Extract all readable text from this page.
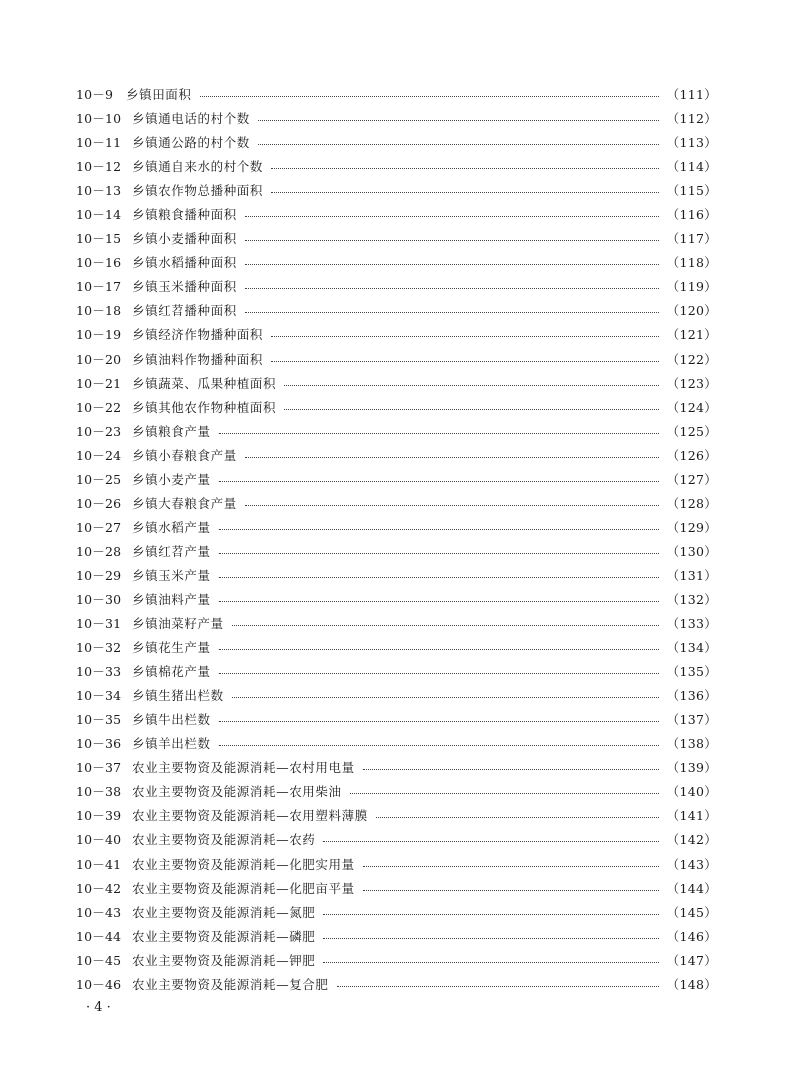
10－9	乡镇田面积	（111）
10－10 乡镇通电话的村个数	（112）
10－11 乡镇通公路的村个数	（113）
10－12 乡镇通自来水的村个数	（114）
10－13 乡镇农作物总播种面积	（115）
10－14 乡镇粮食播种面积	（116）
10－15 乡镇小麦播种面积	（117）
10－16 乡镇水稻播种面积	（118）
10－17 乡镇玉米播种面积	（119）
10－18 乡镇红苕播种面积	（120）
10－19 乡镇经济作物播种面积	（121）
10－20 乡镇油料作物播种面积	（122）
10－21 乡镇蔬菜、瓜果种植面积	（123）
10－22 乡镇其他农作物种植面积	（124）
10－23 乡镇粮食产量	（125）
10－24 乡镇小春粮食产量	（126）
10－25 乡镇小麦产量	（127）
10－26 乡镇大春粮食产量	（128）
10－27 乡镇水稻产量	（129）
10－28 乡镇红苕产量	（130）
10－29 乡镇玉米产量	（131）
10－30 乡镇油料产量	（132）
10－31 乡镇油菜籽产量	（133）
10－32 乡镇花生产量	（134）
10－33 乡镇棉花产量	（135）
10－34 乡镇生猪出栏数	（136）
10－35 乡镇牛出栏数	（137）
10－36 乡镇羊出栏数	（138）
10－37 农业主要物资及能源消耗—农村用电量	（139）
10－38 农业主要物资及能源消耗—农用柴油	（140）
10－39 农业主要物资及能源消耗—农用塑料薄膜	（141）
10－40 农业主要物资及能源消耗—农药	（142）
10－41 农业主要物资及能源消耗—化肥实用量	（143）
10－42 农业主要物资及能源消耗—化肥亩平量	（144）
10－43 农业主要物资及能源消耗—氮肥	（145）
10－44 农业主要物资及能源消耗—磷肥	（146）
10－45 农业主要物资及能源消耗—钾肥	（147）
10－46 农业主要物资及能源消耗—复合肥	（148）
· 4 ·
